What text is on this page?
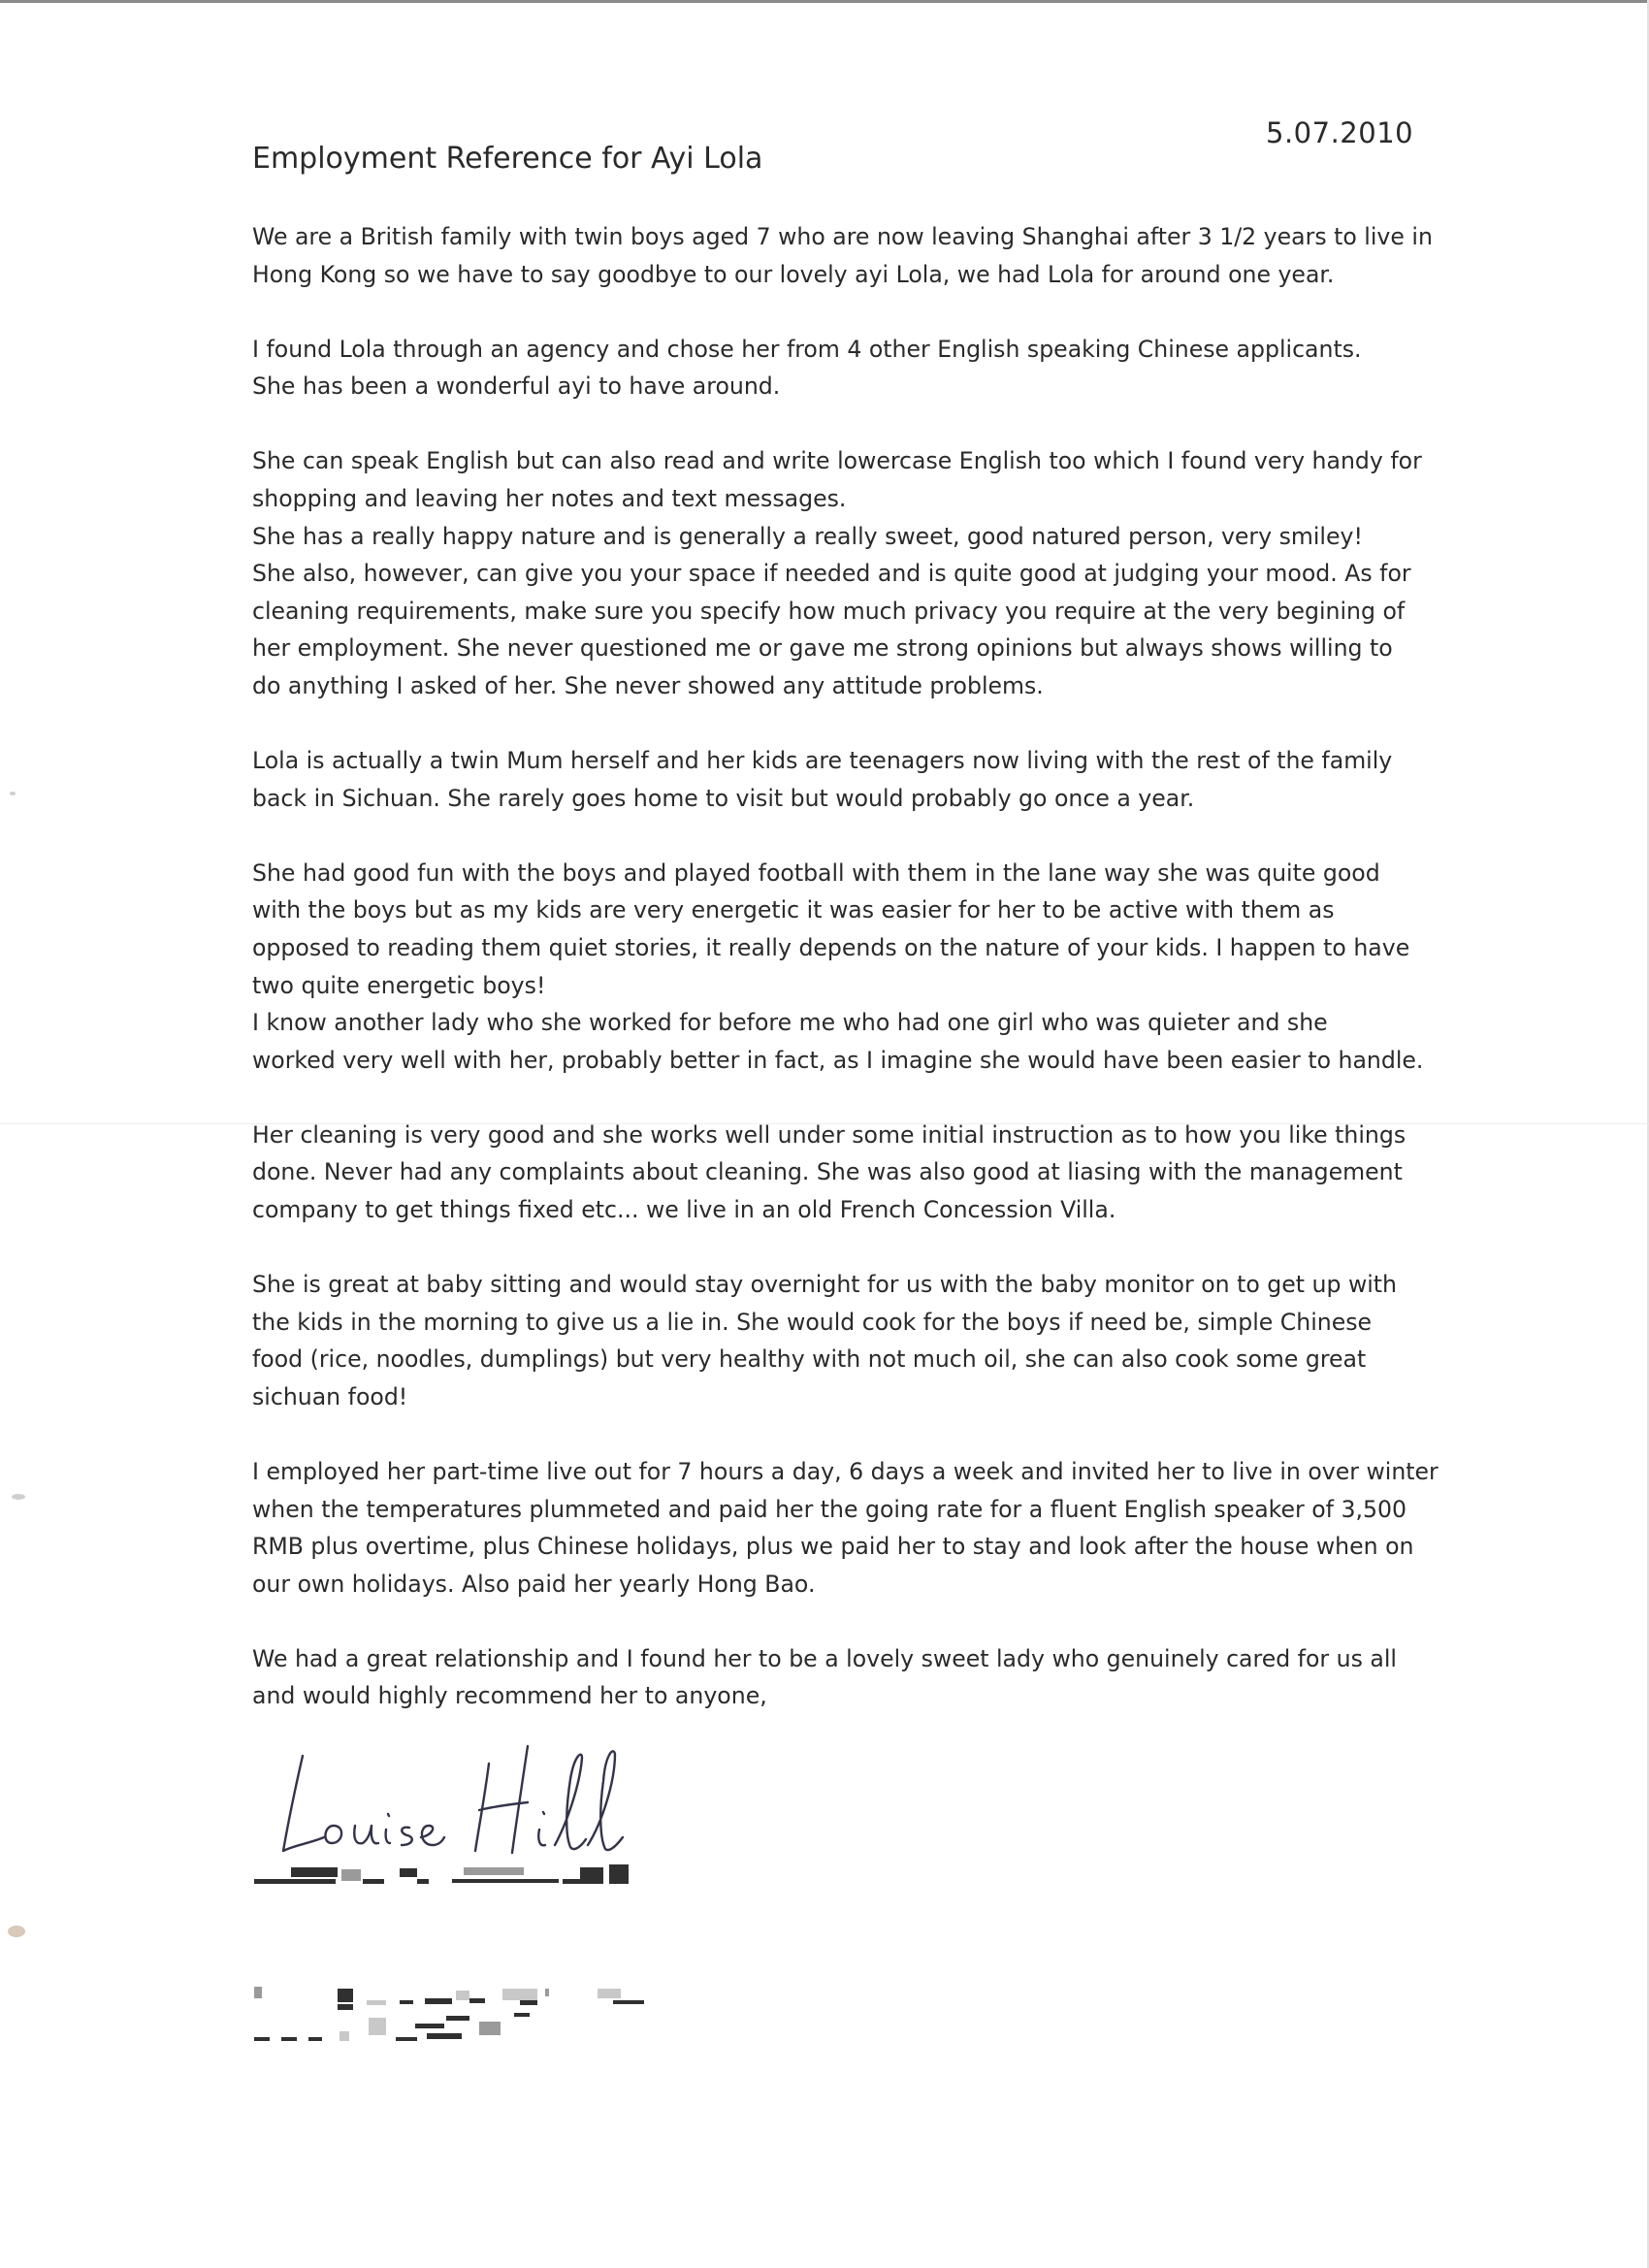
5.07.2010
Employment Reference for Ayi Lola
We are a British family with twin boys aged 7 who are now leaving Shanghai after 3 1/2 years to live in
Hong Kong so we have to say goodbye to our lovely ayi Lola, we had Lola for around one year.
I found Lola through an agency and chose her from 4 other English speaking Chinese applicants.
She has been a wonderful ayi to have around.
She can speak English but can also read and write lowercase English too which I found very handy for
shopping and leaving her notes and text messages.
She has a really happy nature and is generally a really sweet, good natured person, very smiley!
She also, however, can give you your space if needed and is quite good at judging your mood. As for
cleaning requirements, make sure you specify how much privacy you require at the very begining of
her employment. She never questioned me or gave me strong opinions but always shows willing to
do anything I asked of her. She never showed any attitude problems.
Lola is actually a twin Mum herself and her kids are teenagers now living with the rest of the family
back in Sichuan. She rarely goes home to visit but would probably go once a year.
She had good fun with the boys and played football with them in the lane way she was quite good
with the boys but as my kids are very energetic it was easier for her to be active with them as
opposed to reading them quiet stories, it really depends on the nature of your kids. I happen to have
two quite energetic boys!
I know another lady who she worked for before me who had one girl who was quieter and she
worked very well with her, probably better in fact, as I imagine she would have been easier to handle.
Her cleaning is very good and she works well under some initial instruction as to how you like things
done. Never had any complaints about cleaning. She was also good at liasing with the management
company to get things fixed etc... we live in an old French Concession Villa.
She is great at baby sitting and would stay overnight for us with the baby monitor on to get up with
the kids in the morning to give us a lie in. She would cook for the boys if need be, simple Chinese
food (rice, noodles, dumplings) but very healthy with not much oil, she can also cook some great
sichuan food!
I employed her part-time live out for 7 hours a day, 6 days a week and invited her to live in over winter
when the temperatures plummeted and paid her the going rate for a fluent English speaker of 3,500
RMB plus overtime, plus Chinese holidays, plus we paid her to stay and look after the house when on
our own holidays. Also paid her yearly Hong Bao.
We had a great relationship and I found her to be a lovely sweet lady who genuinely cared for us all
and would highly recommend her to anyone,
